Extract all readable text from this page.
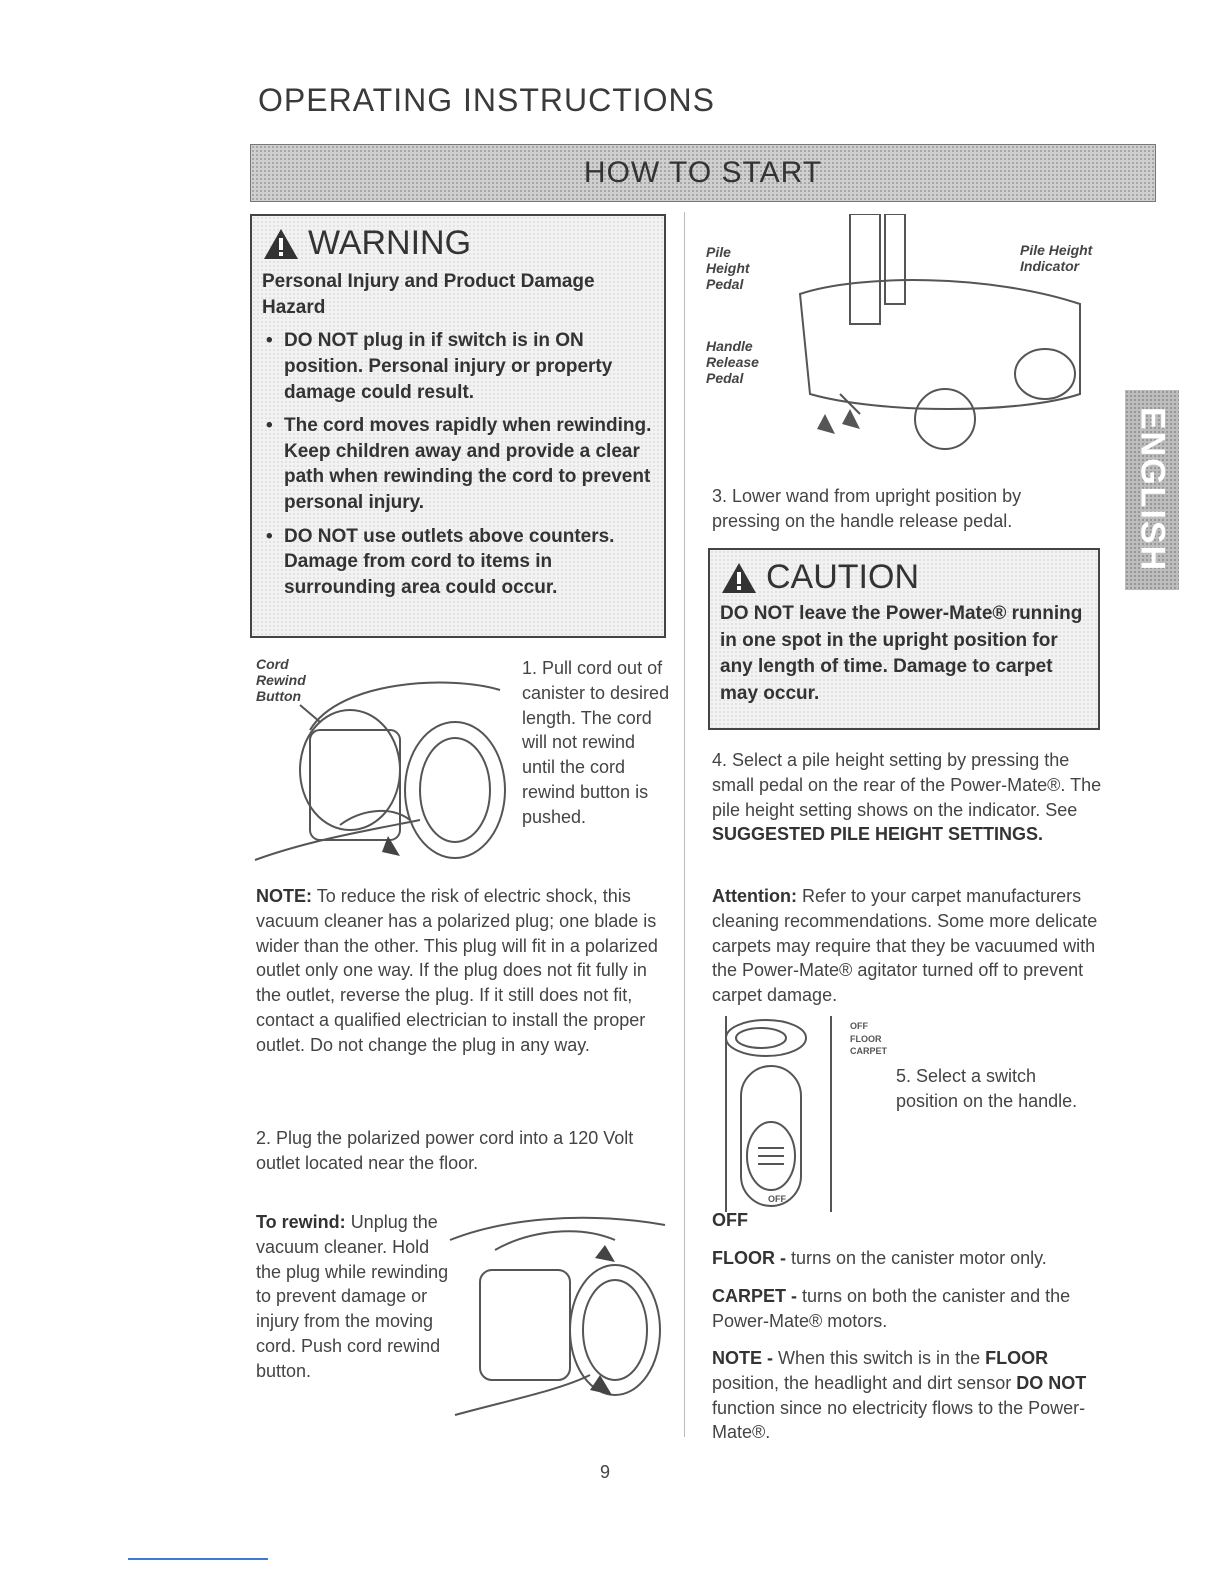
OPERATING INSTRUCTIONS
HOW TO START
ENGLISH
WARNING
Personal Injury and Product Damage Hazard
• DO NOT plug in if switch is in ON position. Personal injury or property damage could result.
• The cord moves rapidly when rewinding. Keep children away and provide a clear path when rewinding the cord to prevent personal injury.
• DO NOT use outlets above counters. Damage from cord to items in surrounding area could occur.
Cord Rewind Button

1. Pull cord out of canister to desired length. The cord will not rewind until the cord rewind button is pushed.

NOTE: To reduce the risk of electric shock, this vacuum cleaner has a polarized plug; one blade is wider than the other. This plug will fit in a polarized outlet only one way. If the plug does not fit fully in the outlet, reverse the plug. If it still does not fit, contact a qualified electrician to install the proper outlet. Do not change the plug in any way.

2. Plug the polarized power cord into a 120 Volt outlet located near the floor.

To rewind: Unplug the vacuum cleaner. Hold the plug while rewinding to prevent damage or injury from the moving cord. Push cord rewind button.

Pile Height Pedal
Pile Height Indicator
Handle Release Pedal

3. Lower wand from upright position by pressing on the handle release pedal.

CAUTION
DO NOT leave the Power-Mate® running in one spot in the upright position for any length of time. Damage to carpet may occur.

4. Select a pile height setting by pressing the small pedal on the rear of the Power-Mate®. The pile height setting shows on the indicator. See SUGGESTED PILE HEIGHT SETTINGS.

Attention: Refer to your carpet manufacturers cleaning recommendations. Some more delicate carpets may require that they be vacuumed with the Power-Mate® agitator turned off to prevent carpet damage.

OFF
FLOOR
CARPET
OFF

5. Select a switch position on the handle.

OFF

FLOOR - turns on the canister motor only.

CARPET - turns on both the canister and the Power-Mate® motors.

NOTE - When this switch is in the FLOOR position, the headlight and dirt sensor DO NOT function since no electricity flows to the Power-Mate®.

9
